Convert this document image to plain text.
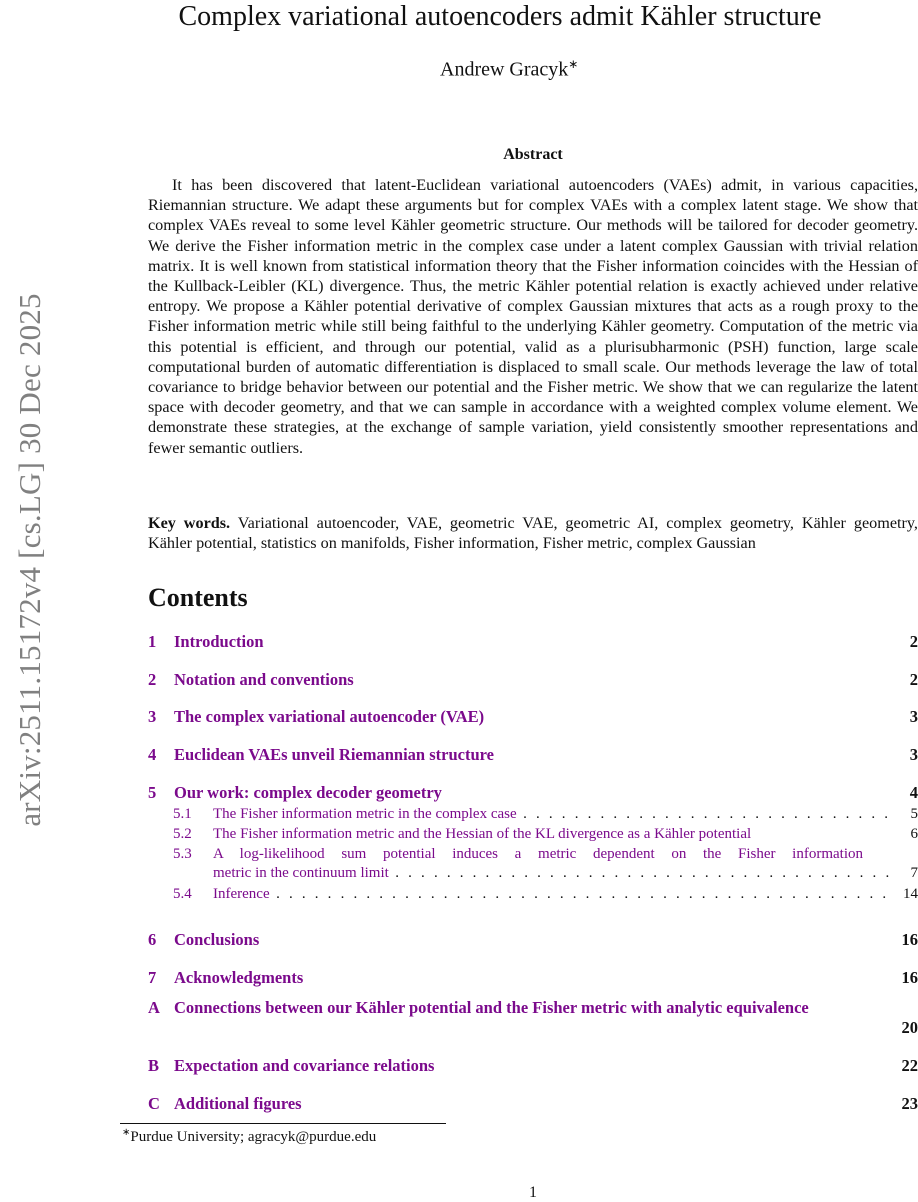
arXiv:2511.15172v4 [cs.LG] 30 Dec 2025
Complex variational autoencoders admit Kähler structure
Andrew Gracyk∗
Abstract

It has been discovered that latent-Euclidean variational autoencoders (VAEs) admit, in various capacities, Riemannian structure. We adapt these arguments but for complex VAEs with a complex latent stage. We show that complex VAEs reveal to some level Kähler geometric structure. Our methods will be tailored for decoder geometry. We derive the Fisher information metric in the complex case under a latent complex Gaussian with trivial relation matrix. It is well known from statistical information theory that the Fisher information coincides with the Hessian of the Kullback-Leibler (KL) divergence. Thus, the metric Kähler potential relation is exactly achieved under relative entropy. We propose a Kähler potential derivative of complex Gaussian mixtures that acts as a rough proxy to the Fisher information metric while still being faithful to the underlying Kähler geometry. Computation of the metric via this potential is efficient, and through our potential, valid as a plurisubharmonic (PSH) function, large scale computational burden of automatic differentiation is displaced to small scale. Our methods leverage the law of total covariance to bridge behavior between our potential and the Fisher metric. We show that we can regularize the latent space with decoder geometry, and that we can sample in accordance with a weighted complex volume element. We demonstrate these strategies, at the exchange of sample variation, yield consistently smoother representations and fewer semantic outliers.

Key words. Variational autoencoder, VAE, geometric VAE, geometric AI, complex geometry, Kähler geometry, Kähler potential, statistics on manifolds, Fisher information, Fisher metric, complex Gaussian

Contents
1 Introduction	2
2 Notation and conventions	2
3 The complex variational autoencoder (VAE)	3
4 Euclidean VAEs unveil Riemannian structure	3
5 Our work: complex decoder geometry	4
5.1 The Fisher information metric in the complex case . . .	5
5.2 The Fisher information metric and the Hessian of the KL divergence as a Kähler potential	6
5.3 A log-likelihood sum potential induces a metric dependent on the Fisher information
metric in the continuum limit . . .	7
5.4 Inference . . .	14
6 Conclusions	16
7 Acknowledgments	16
A Connections between our Kähler potential and the Fisher metric with analytic equivalence
20
B Expectation and covariance relations	22
C Additional figures	23
∗Purdue University; agracyk@purdue.edu
1
